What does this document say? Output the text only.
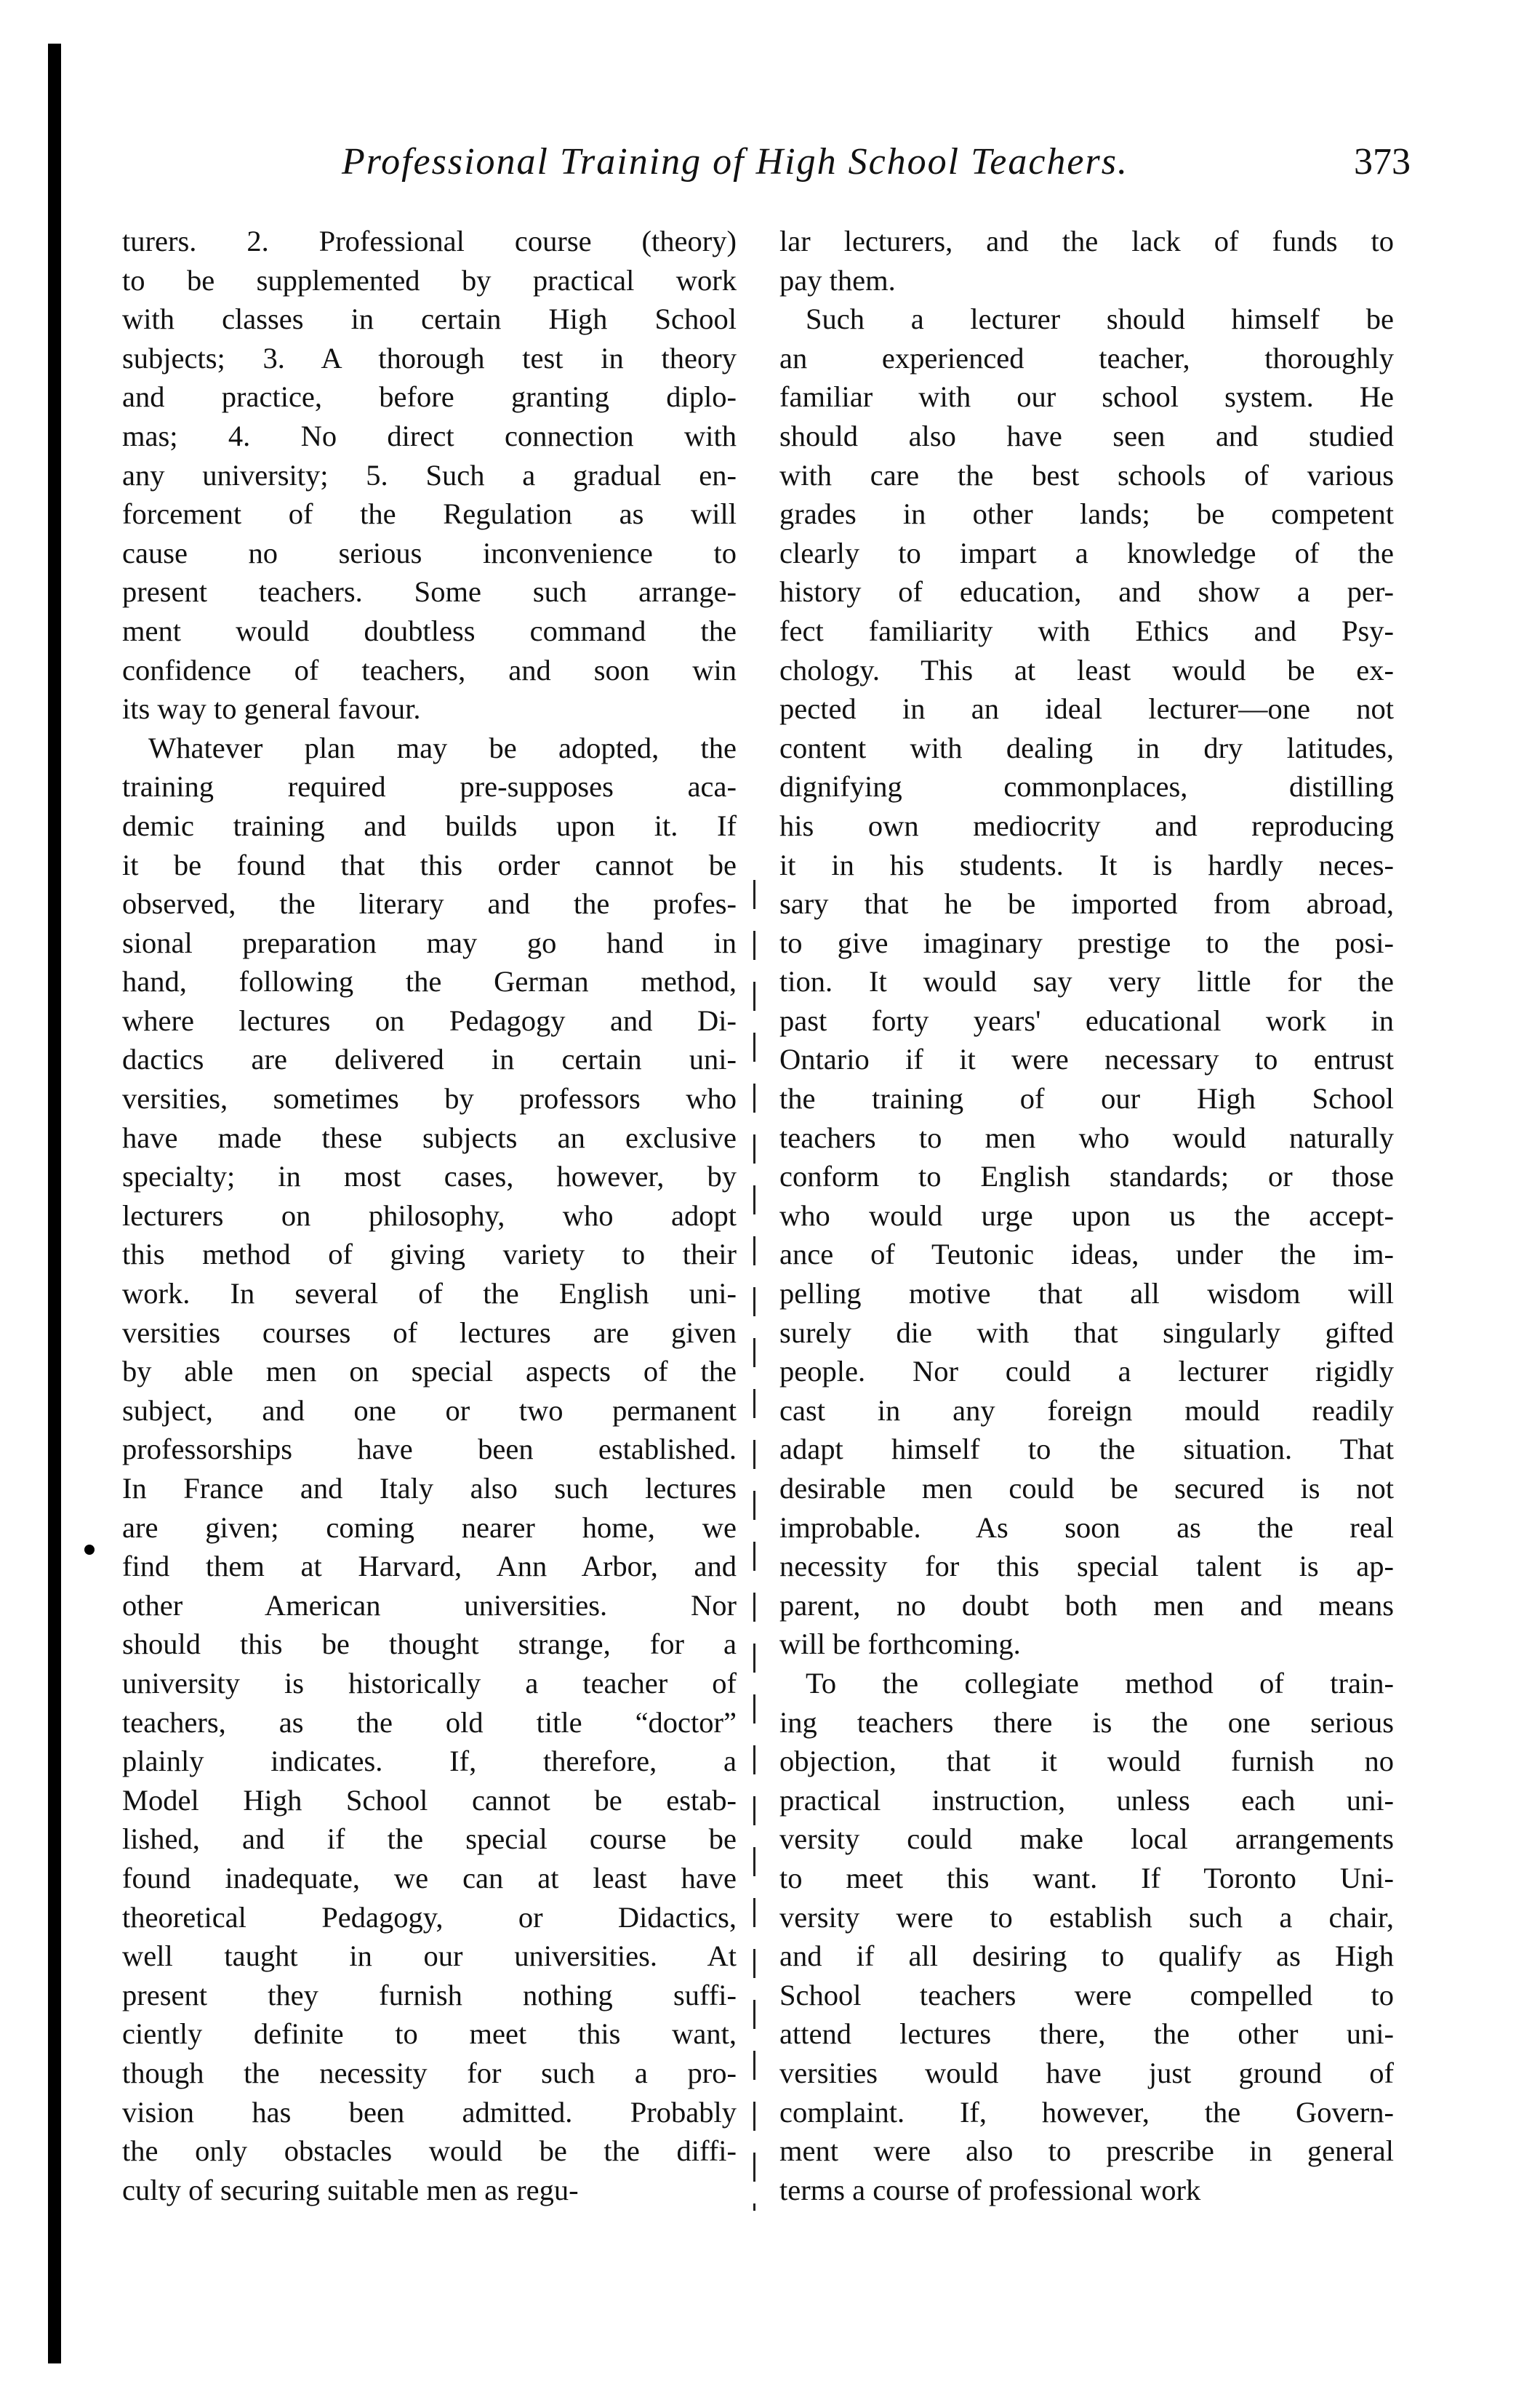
Professional Training of High School Teachers.	373
turers. 2. Professional course (theory)
to be supplemented by practical work
with classes in certain High School
subjects; 3. A thorough test in theory
and practice, before granting diplo-
mas; 4. No direct connection with
any university; 5. Such a gradual en-
forcement of the Regulation as will
cause no serious inconvenience to
present teachers. Some such arrange-
ment would doubtless command the
confidence of teachers, and soon win
its way to general favour.
Whatever plan may be adopted, the
training required pre-supposes aca-
demic training and builds upon it. If
it be found that this order cannot be
observed, the literary and the profes-
sional preparation may go hand in
hand, following the German method,
where lectures on Pedagogy and Di-
dactics are delivered in certain uni-
versities, sometimes by professors who
have made these subjects an exclusive
specialty; in most cases, however, by
lecturers on philosophy, who adopt
this method of giving variety to their
work. In several of the English uni-
versities courses of lectures are given
by able men on special aspects of the
subject, and one or two permanent
professorships have been established.
In France and Italy also such lectures
are given; coming nearer home, we
find them at Harvard, Ann Arbor, and
other American universities. Nor
should this be thought strange, for a
university is historically a teacher of
teachers, as the old title “doctor”
plainly indicates. If, therefore, a
Model High School cannot be estab-
lished, and if the special course be
found inadequate, we can at least have
theoretical Pedagogy, or Didactics,
well taught in our universities. At
present they furnish nothing suffi-
ciently definite to meet this want,
though the necessity for such a pro-
vision has been admitted. Probably
the only obstacles would be the diffi-
culty of securing suitable men as regu-
lar lecturers, and the lack of funds to
pay them.
Such a lecturer should himself be
an experienced teacher, thoroughly
familiar with our school system. He
should also have seen and studied
with care the best schools of various
grades in other lands; be competent
clearly to impart a knowledge of the
history of education, and show a per-
fect familiarity with Ethics and Psy-
chology. This at least would be ex-
pected in an ideal lecturer—one not
content with dealing in dry latitudes,
dignifying commonplaces, distilling
his own mediocrity and reproducing
it in his students. It is hardly neces-
sary that he be imported from abroad,
to give imaginary prestige to the posi-
tion. It would say very little for the
past forty years' educational work in
Ontario if it were necessary to entrust
the training of our High School
teachers to men who would naturally
conform to English standards; or those
who would urge upon us the accept-
ance of Teutonic ideas, under the im-
pelling motive that all wisdom will
surely die with that singularly gifted
people. Nor could a lecturer rigidly
cast in any foreign mould readily
adapt himself to the situation. That
desirable men could be secured is not
improbable. As soon as the real
necessity for this special talent is ap-
parent, no doubt both men and means
will be forthcoming.
To the collegiate method of train-
ing teachers there is the one serious
objection, that it would furnish no
practical instruction, unless each uni-
versity could make local arrangements
to meet this want. If Toronto Uni-
versity were to establish such a chair,
and if all desiring to qualify as High
School teachers were compelled to
attend lectures there, the other uni-
versities would have just ground of
complaint. If, however, the Govern-
ment were also to prescribe in general
terms a course of professional work
